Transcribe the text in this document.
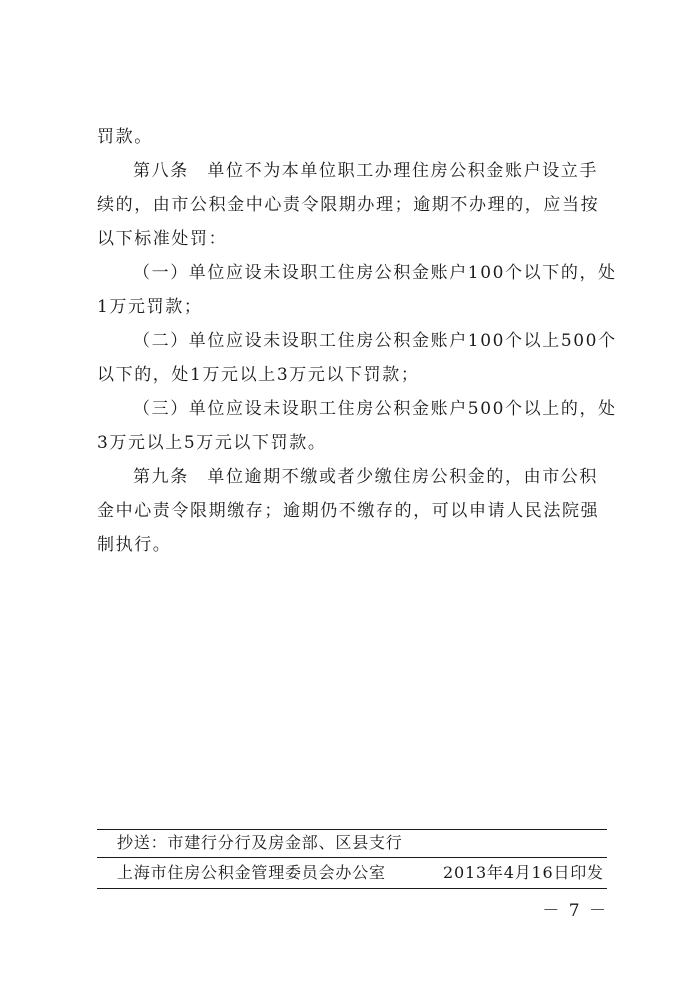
罚款。
第八条　单位不为本单位职工办理住房公积金账户设立手
续的，由市公积金中心责令限期办理；逾期不办理的，应当按
以下标准处罚：
（一）单位应设未设职工住房公积金账户100个以下的，处
1万元罚款；
（二）单位应设未设职工住房公积金账户100个以上500个
以下的，处1万元以上3万元以下罚款；
（三）单位应设未设职工住房公积金账户500个以上的，处
3万元以上5万元以下罚款。
第九条　单位逾期不缴或者少缴住房公积金的，由市公积
金中心责令限期缴存；逾期仍不缴存的，可以申请人民法院强
制执行。
抄送：市建行分行及房金部、区县支行
上海市住房公积金管理委员会办公室	2013年4月16日印发
－ 7 －
